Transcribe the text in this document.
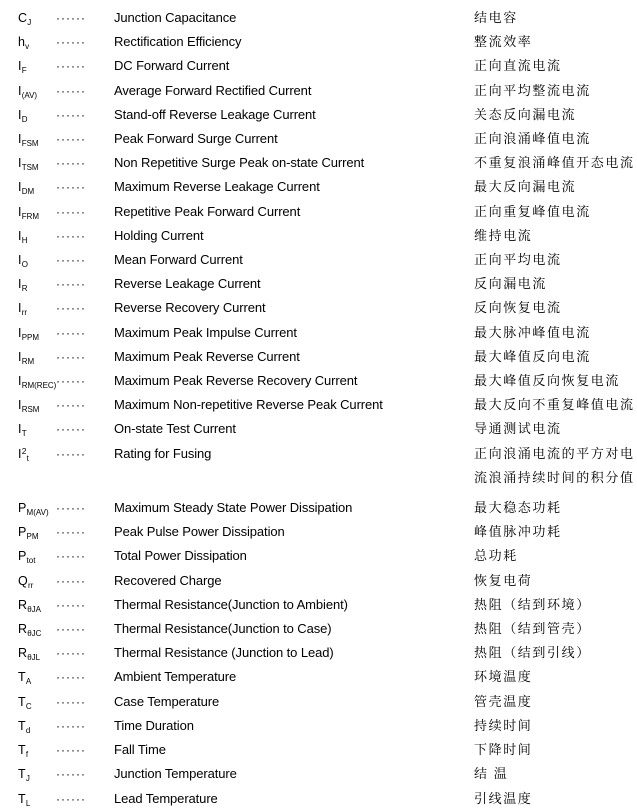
$C_J$	······	Junction Capacitance	结电容
$h_v$	······	Rectification Efficiency	整流效率
$I_F$	······	DC Forward Current	正向直流电流
$I_{(AV)}$	······	Average Forward Rectified Current	正向平均整流电流
$I_D$	······	Stand-off Reverse Leakage Current	关态反向漏电流
$I_{FSM}$	······	Peak Forward Surge Current	正向浪涌峰值电流
$I_{TSM}$	······	Non Repetitive Surge Peak on-state Current	不重复浪涌峰值开态电流
$I_{DM}$	······	Maximum Reverse Leakage Current	最大反向漏电流
$I_{FRM}$	······	Repetitive Peak Forward Current	正向重复峰值电流
$I_H$	······	Holding Current	维持电流
$I_O$	······	Mean Forward Current	正向平均电流
$I_R$	······	Reverse Leakage Current	反向漏电流
$I_{rr}$	······	Reverse Recovery Current	反向恢复电流
$I_{PPM}$	······	Maximum Peak Impulse Current	最大脉冲峰值电流
$I_{RM}$	······	Maximum Peak Reverse Current	最大峰值反向电流
$I_{RM(REC)}$ ······	Maximum Peak Reverse Recovery Current	最大峰值反向恢复电流
$I_{RSM}$	······	Maximum Non-repetitive Reverse Peak Current	最大反向不重复峰值电流
$I_T$	······	On-state Test Current	导通测试电流
$I^2_t$	······	Rating for Fusing	正向浪涌电流的平方对电
流浪涌持续时间的积分值
$P_{M(AV)}$ ······	Maximum Steady State Power Dissipation	最大稳态功耗
$P_{PM}$	······	Peak Pulse Power Dissipation	峰值脉冲功耗
$P_{tot}$	······	Total Power Dissipation	总功耗
$Q_{rr}$	······	Recovered Charge	恢复电荷
$R_{\theta JA}$	······	Thermal Resistance(Junction to Ambient)	热阻（结到环境）
$R_{\theta JC}$	······	Thermal Resistance(Junction to Case)	热阻（结到管壳）
$R_{\theta JL}$	······	Thermal Resistance (Junction to Lead)	热阻（结到引线）
$T_A$	······	Ambient Temperature	环境温度
$T_C$	······	Case Temperature	管壳温度
$T_d$	······	Time Duration	持续时间
$T_f$	······	Fall Time	下降时间
$T_J$	······	Junction Temperature	结 温
$T_L$	······	Lead Temperature	引线温度
